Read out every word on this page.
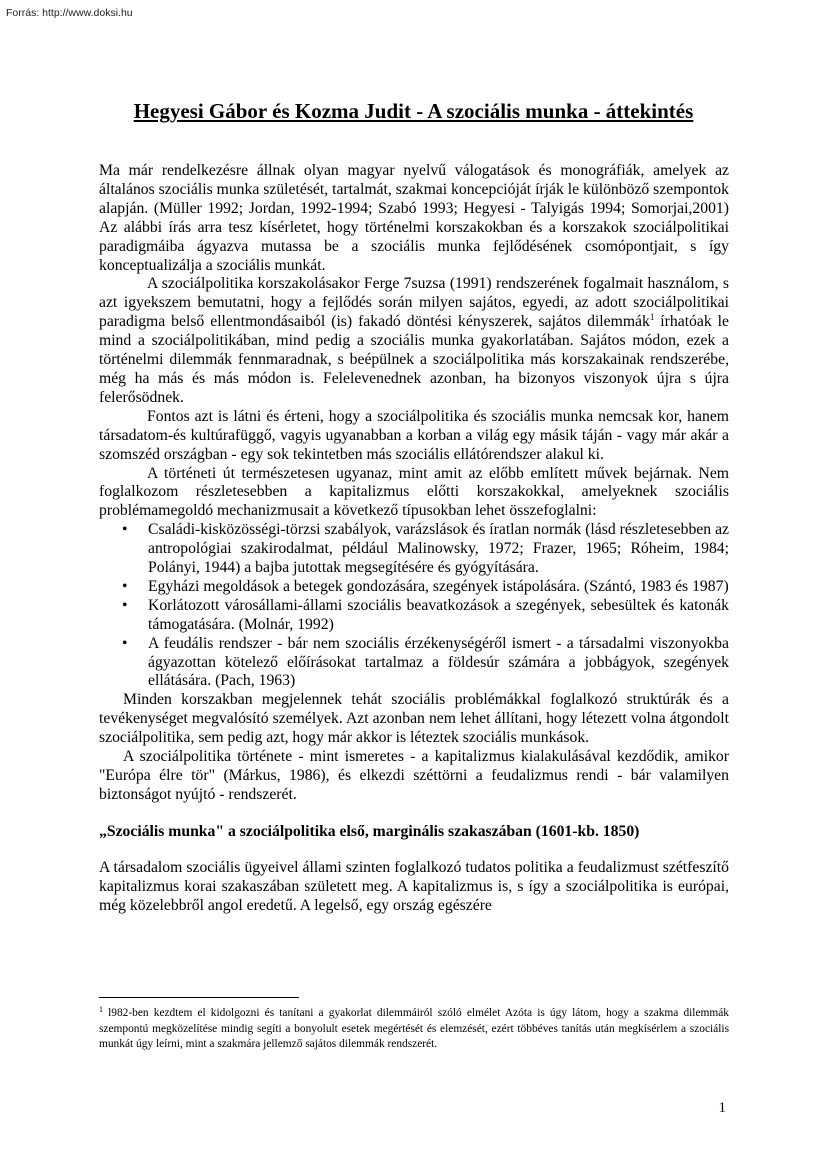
Forrás: http://www.doksi.hu
Hegyesi Gábor és Kozma Judit - A szociális munka - áttekintés

Ma már rendelkezésre állnak olyan magyar nyelvű válogatások és monográfiák, amelyek az általános szociális munka születését, tartalmát, szakmai koncepcióját írják le különböző szempontok alapján. (Müller 1992; Jordan, 1992-1994; Szabó 1993; Hegyesi - Talyigás 1994; Somorjai,2001) Az alábbi írás arra tesz kísérletet, hogy történelmi korszakokban és a korszakok szociálpolitikai paradigmáiba ágyazva mutassa be a szociális munka fejlődésének csomópontjait, s így konceptualizálja a szociális munkát.

A szociálpolitika korszakolásakor Ferge 7suzsa (1991) rendszerének fogalmait használom, s azt igyekszem bemutatni, hogy a fejlődés során milyen sajátos, egyedi, az adott szociálpolitikai paradigma belső ellentmondásaiból (is) fakadó döntési kényszerek, sajátos dilemmák$^1$ írhatóak le mind a szociálpolitikában, mind pedig a szociális munka gyakorlatában. Sajátos módon, ezek a történelmi dilemmák fennmaradnak, s beépülnek a szociálpolitika más korszakainak rendszerébe, még ha más és más módon is. Felelevenednek azonban, ha bizonyos viszonyok újra s újra felerősödnek.

Fontos azt is látni és érteni, hogy a szociálpolitika és szociális munka nemcsak kor, hanem társadatom-és kultúrafüggő, vagyis ugyanabban a korban a világ egy másik táján - vagy már akár a szomszéd országban - egy sok tekintetben más szociális ellátórendszer alakul ki.

A történeti út természetesen ugyanaz, mint amit az előbb említett művek bejárnak. Nem foglalkozom részletesebben a kapitalizmus előtti korszakokkal, amelyeknek szociális problémamegoldó mechanizmusait a következő típusokban lehet összefoglalni:

• Családi-kisközösségi-törzsi szabályok, varázslások és íratlan normák (lásd részletesebben az antropológiai szakirodalmat, például Malinowsky, 1972; Frazer, 1965; Róheim, 1984; Polányi, 1944) a bajba jutottak megsegítésére és gyógyítására.
• Egyházi megoldások a betegek gondozására, szegények istápolására. (Szántó, 1983 és 1987)
• Korlátozott városállami-állami szociális beavatkozások a szegények, sebesültek és katonák támogatására. (Molnár, 1992)
• A feudális rendszer - bár nem szociális érzékenységéről ismert - a társadalmi viszonyokba ágyazottan kötelező előírásokat tartalmaz a földesúr számára a jobbágyok, szegények ellátására. (Pach, 1963)

Minden korszakban megjelennek tehát szociális problémákkal foglalkozó struktúrák és a tevékenységet megvalósító személyek. Azt azonban nem lehet állítani, hogy létezett volna átgondolt szociálpolitika, sem pedig azt, hogy már akkor is léteztek szociális munkások.

A szociálpolitika története - mint ismeretes - a kapitalizmus kialakulásával kezdődik, amikor "Európa élre tör" (Márkus, 1986), és elkezdi széttörni a feudalizmus rendi - bár valamilyen biztonságot nyújtó - rendszerét.

„Szociális munka" a szociálpolitika első, marginális szakaszában (1601-kb. 1850)

A társadalom szociális ügyeivel állami szinten foglalkozó tudatos politika a feudalizmust szétfeszítő kapitalizmus korai szakaszában született meg. A kapitalizmus is, s így a szociálpolitika is európai, még közelebbről angol eredetű. A legelső, egy ország egészére

$^1$ l982-ben kezdtem el kidolgozni és tanítani a gyakorlat dilemmáiról szóló elmélet Azóta is úgy látom, hogy a szakma dilemmák szempontú megközelítése mindig segíti a bonyolult esetek megértését és elemzését, ezért többéves tanítás után megkísérlem a szociális munkát úgy leírni, mint a szakmára jellemző sajátos dilemmák rendszerét.
1
